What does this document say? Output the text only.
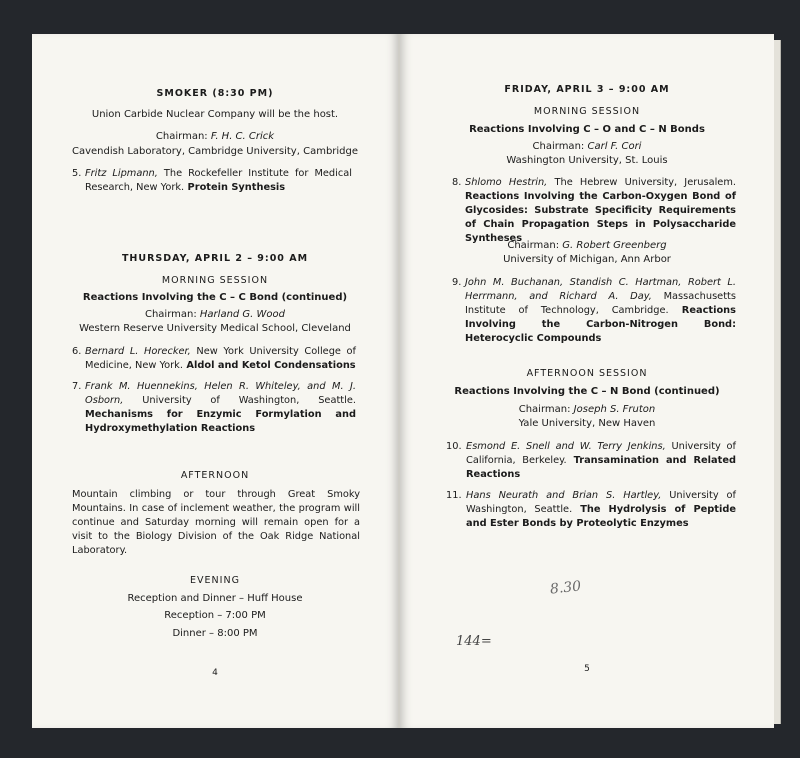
SMOKER (8:30 PM)
Union Carbide Nuclear Company will be the host.
Chairman: F. H. C. Crick
Cavendish Laboratory, Cambridge University, Cambridge
5. Fritz Lipmann, The Rockefeller Institute for Medical Research, New York. Protein Synthesis
THURSDAY, APRIL 2 – 9:00 AM
MORNING SESSION
Reactions Involving the C – C Bond (continued)
Chairman: Harland G. Wood
Western Reserve University Medical School, Cleveland
6. Bernard L. Horecker, New York University College of Medicine, New York. Aldol and Ketol Condensations
7. Frank M. Huennekins, Helen R. Whiteley, and M. J. Osborn, University of Washington, Seattle. Mechanisms for Enzymic Formylation and Hydroxymethylation Reactions
AFTERNOON
Mountain climbing or tour through Great Smoky Mountains. In case of inclement weather, the program will continue and Saturday morning will remain open for a visit to the Biology Division of the Oak Ridge National Laboratory.
EVENING
Reception and Dinner – Huff House
Reception – 7:00 PM
Dinner – 8:00 PM
4
FRIDAY, APRIL 3 – 9:00 AM
MORNING SESSION
Reactions Involving C – O and C – N Bonds
Chairman: Carl F. Cori
Washington University, St. Louis
8. Shlomo Hestrin, The Hebrew University, Jerusalem. Reactions Involving the Carbon-Oxygen Bond of Glycosides: Substrate Specificity Requirements of Chain Propagation Steps in Polysaccharide Syntheses
Chairman: G. Robert Greenberg
University of Michigan, Ann Arbor
9. John M. Buchanan, Standish C. Hartman, Robert L. Herrmann, and Richard A. Day, Massachusetts Institute of Technology, Cambridge. Reactions Involving the Carbon-Nitrogen Bond: Heterocyclic Compounds
AFTERNOON SESSION
Reactions Involving the C – N Bond (continued)
Chairman: Joseph S. Fruton
Yale University, New Haven
10. Esmond E. Snell and W. Terry Jenkins, University of California, Berkeley. Transamination and Related Reactions
11. Hans Neurath and Brian S. Hartley, University of Washington, Seattle. The Hydrolysis of Peptide and Ester Bonds by Proteolytic Enzymes
8.30
144=
5
